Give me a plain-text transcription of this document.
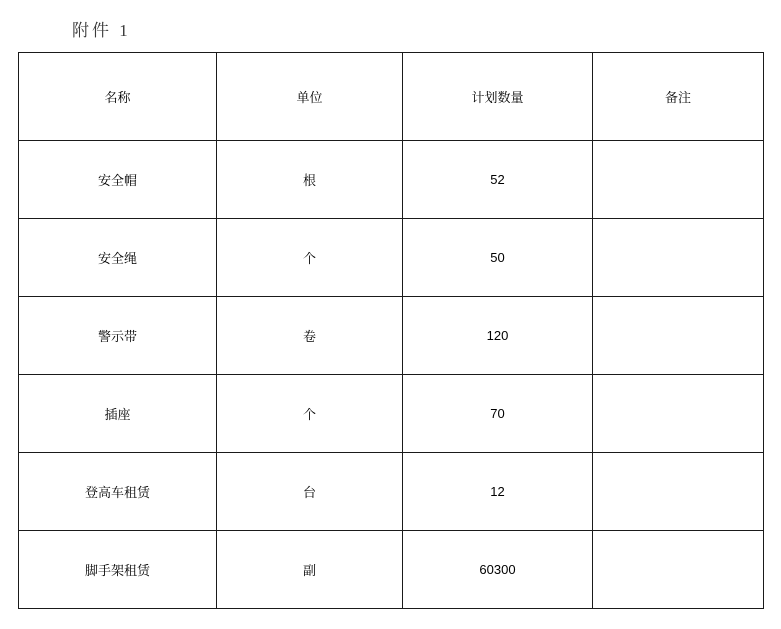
附件 1
名称	单位	计划数量	备注
安全帽	根	52	
安全绳	个	50	
警示带	卷	120	
插座	个	70	
登高车租赁	台	12	
脚手架租赁	副	60300	
